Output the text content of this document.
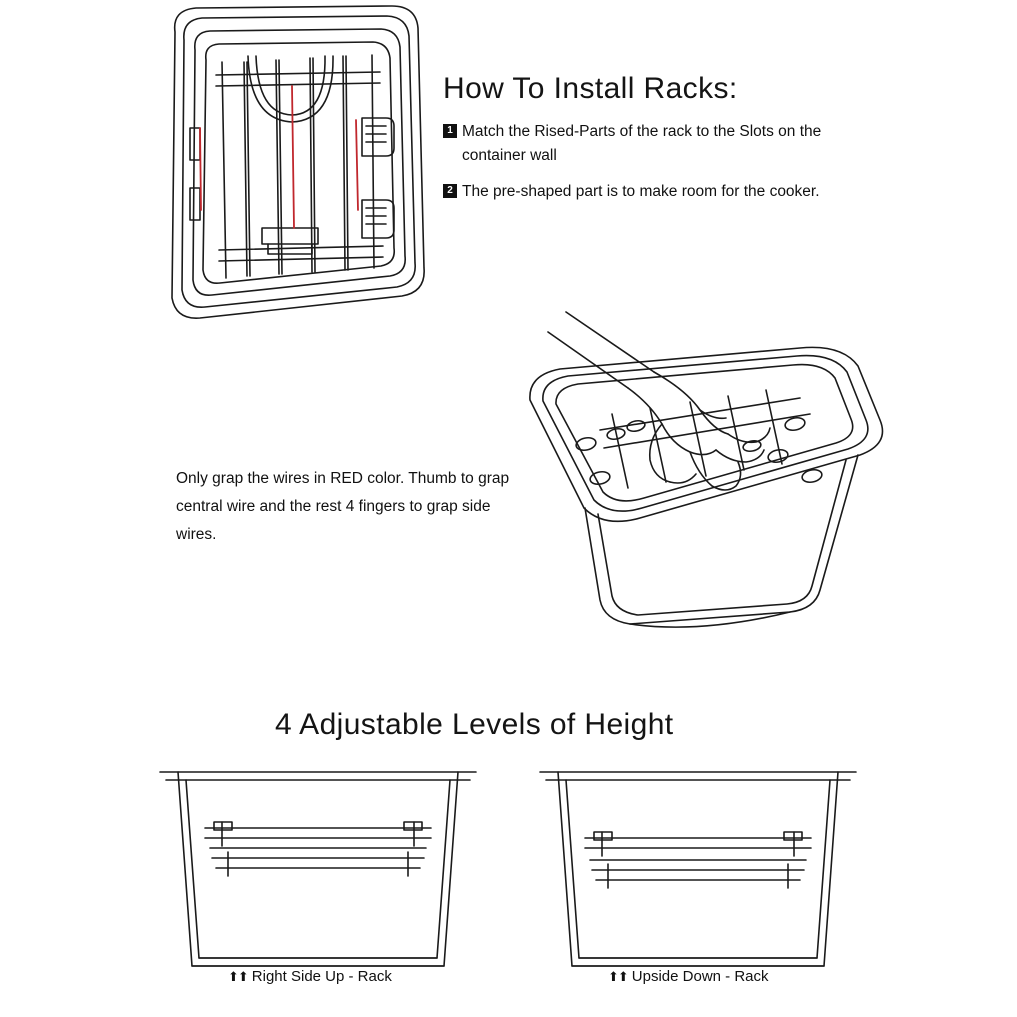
How To Install Racks:
1 Match the Rised-Parts of the rack to the Slots on the container wall
2 The pre-shaped part is to make room for the cooker.
Only grap the wires in RED color. Thumb to grap central wire and the rest 4 fingers to grap side wires.
4 Adjustable Levels of Height
⬆⬆ Right Side Up - Rack	⬆⬆ Upside Down - Rack
